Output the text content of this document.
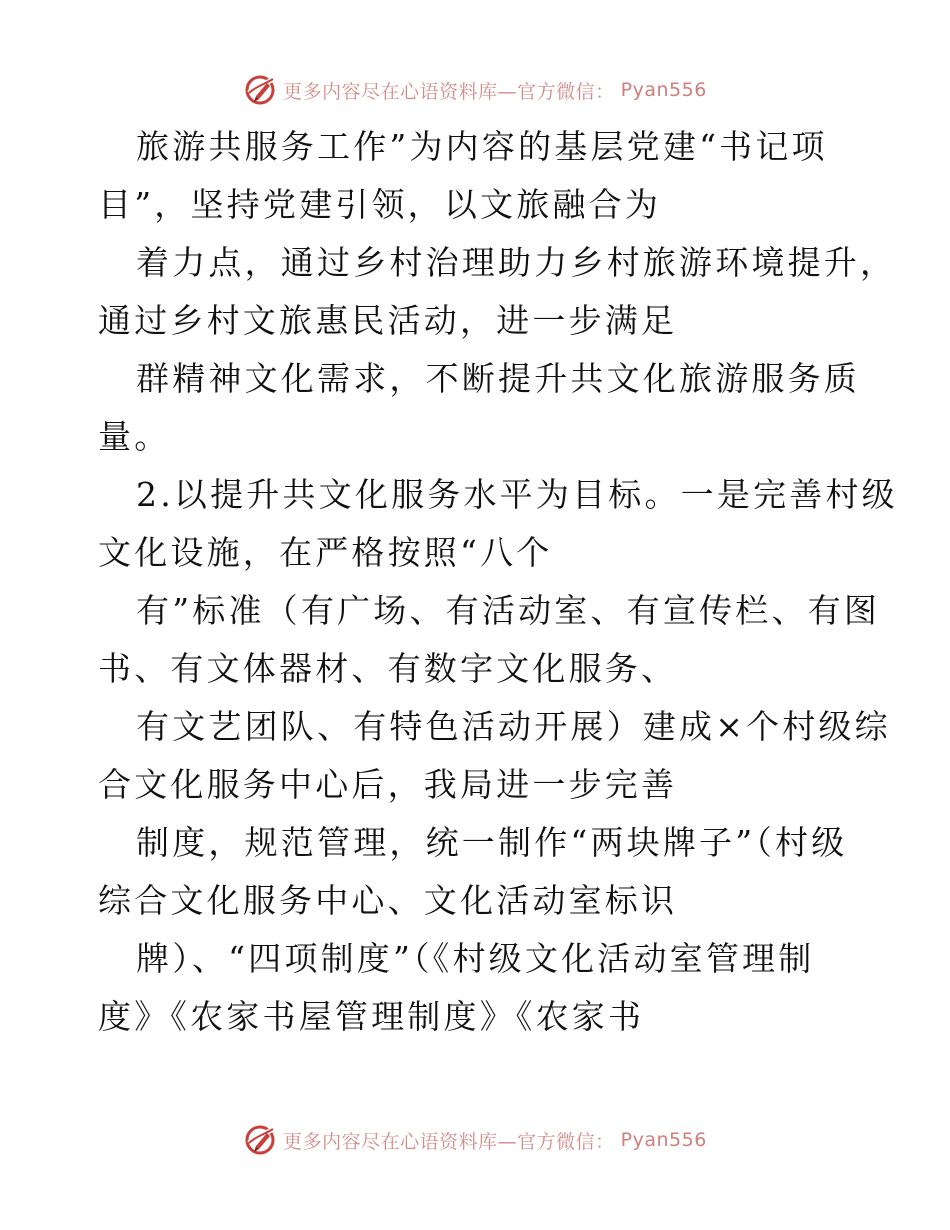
更多内容尽在心语资料库—官方微信： Pyan556
旅游共服务工作”为内容的基层党建“书记项
目”，坚持党建引领，以文旅融合为
着力点，通过乡村治理助力乡村旅游环境提升，
通过乡村文旅惠民活动，进一步满足
群精神文化需求，不断提升共文化旅游服务质
量。
2.以提升共文化服务水平为目标。一是完善村级
文化设施，在严格按照“八个
有”标准（有广场、有活动室、有宣传栏、有图
书、有文体器材、有数字文化服务、
有文艺团队、有特色活动开展）建成×个村级综
合文化服务中心后，我局进一步完善
制度，规范管理，统一制作“两块牌子”（村级
综合文化服务中心、文化活动室标识
牌）、“四项制度”（《村级文化活动室管理制
度》《农家书屋管理制度》《农家书
更多内容尽在心语资料库—官方微信： Pyan556
